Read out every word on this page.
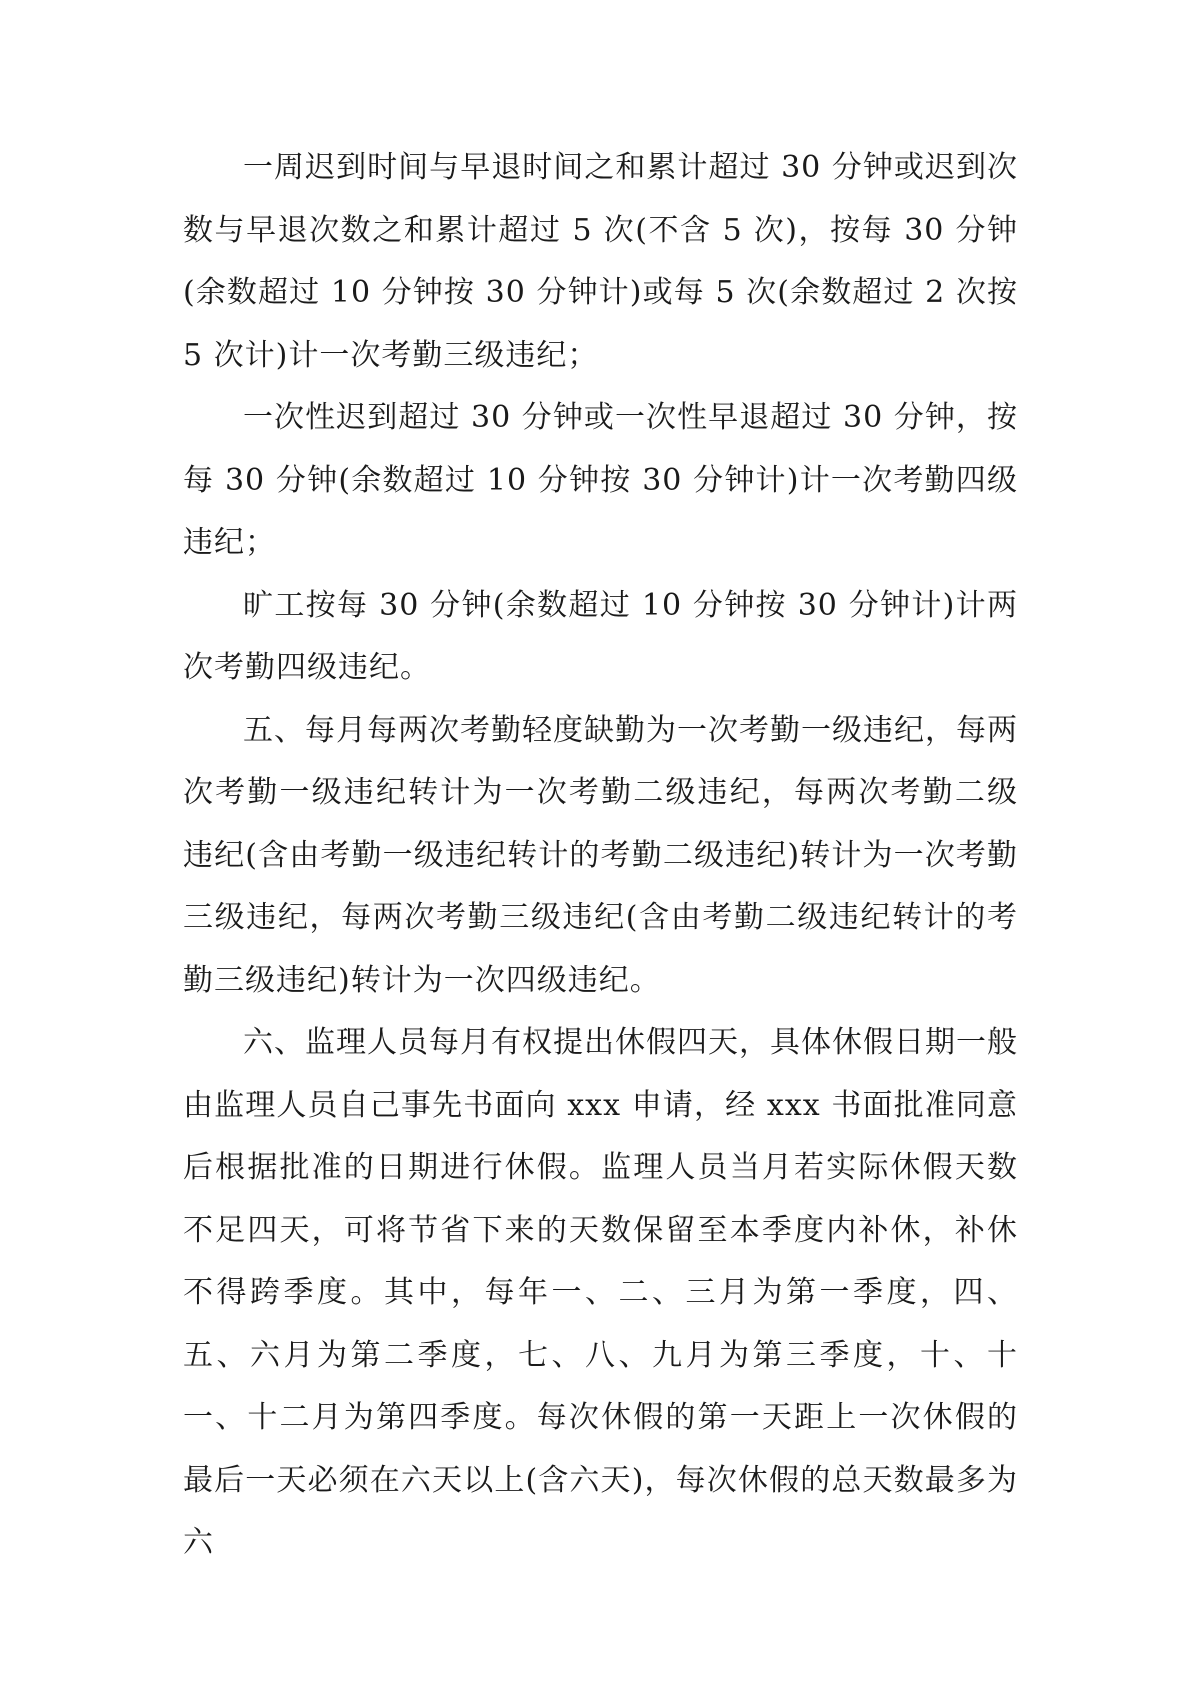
一周迟到时间与早退时间之和累计超过 30 分钟或迟到次数与早退次数之和累计超过 5 次(不含 5 次)，按每 30 分钟(余数超过 10 分钟按 30 分钟计)或每 5 次(余数超过 2 次按 5 次计)计一次考勤三级违纪；

一次性迟到超过 30 分钟或一次性早退超过 30 分钟，按每 30 分钟(余数超过 10 分钟按 30 分钟计)计一次考勤四级违纪；

旷工按每 30 分钟(余数超过 10 分钟按 30 分钟计)计两次考勤四级违纪。

五、每月每两次考勤轻度缺勤为一次考勤一级违纪，每两次考勤一级违纪转计为一次考勤二级违纪，每两次考勤二级违纪(含由考勤一级违纪转计的考勤二级违纪)转计为一次考勤三级违纪，每两次考勤三级违纪(含由考勤二级违纪转计的考勤三级违纪)转计为一次四级违纪。

六、监理人员每月有权提出休假四天，具体休假日期一般由监理人员自己事先书面向 xxx 申请，经 xxx 书面批准同意后根据批准的日期进行休假。监理人员当月若实际休假天数不足四天，可将节省下来的天数保留至本季度内补休，补休不得跨季度。其中，每年一、二、三月为第一季度，四、五、六月为第二季度，七、八、九月为第三季度，十、十一、十二月为第四季度。每次休假的第一天距上一次休假的最后一天必须在六天以上(含六天)，每次休假的总天数最多为六
